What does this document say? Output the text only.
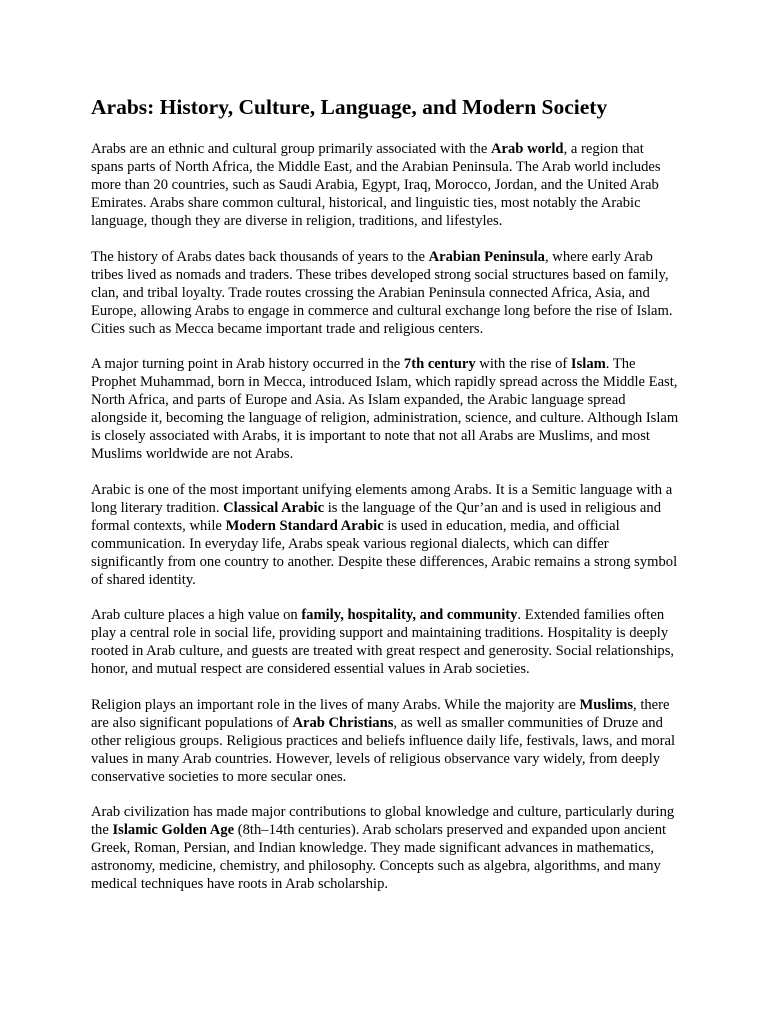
Arabs: History, Culture, Language, and Modern Society

Arabs are an ethnic and cultural group primarily associated with the Arab world, a region that spans parts of North Africa, the Middle East, and the Arabian Peninsula. The Arab world includes more than 20 countries, such as Saudi Arabia, Egypt, Iraq, Morocco, Jordan, and the United Arab Emirates. Arabs share common cultural, historical, and linguistic ties, most notably the Arabic language, though they are diverse in religion, traditions, and lifestyles.

The history of Arabs dates back thousands of years to the Arabian Peninsula, where early Arab tribes lived as nomads and traders. These tribes developed strong social structures based on family, clan, and tribal loyalty. Trade routes crossing the Arabian Peninsula connected Africa, Asia, and Europe, allowing Arabs to engage in commerce and cultural exchange long before the rise of Islam. Cities such as Mecca became important trade and religious centers.

A major turning point in Arab history occurred in the 7th century with the rise of Islam. The Prophet Muhammad, born in Mecca, introduced Islam, which rapidly spread across the Middle East, North Africa, and parts of Europe and Asia. As Islam expanded, the Arabic language spread alongside it, becoming the language of religion, administration, science, and culture. Although Islam is closely associated with Arabs, it is important to note that not all Arabs are Muslims, and most Muslims worldwide are not Arabs.

Arabic is one of the most important unifying elements among Arabs. It is a Semitic language with a long literary tradition. Classical Arabic is the language of the Qur’an and is used in religious and formal contexts, while Modern Standard Arabic is used in education, media, and official communication. In everyday life, Arabs speak various regional dialects, which can differ significantly from one country to another. Despite these differences, Arabic remains a strong symbol of shared identity.

Arab culture places a high value on family, hospitality, and community. Extended families often play a central role in social life, providing support and maintaining traditions. Hospitality is deeply rooted in Arab culture, and guests are treated with great respect and generosity. Social relationships, honor, and mutual respect are considered essential values in Arab societies.

Religion plays an important role in the lives of many Arabs. While the majority are Muslims, there are also significant populations of Arab Christians, as well as smaller communities of Druze and other religious groups. Religious practices and beliefs influence daily life, festivals, laws, and moral values in many Arab countries. However, levels of religious observance vary widely, from deeply conservative societies to more secular ones.

Arab civilization has made major contributions to global knowledge and culture, particularly during the Islamic Golden Age (8th–14th centuries). Arab scholars preserved and expanded upon ancient Greek, Roman, Persian, and Indian knowledge. They made significant advances in mathematics, astronomy, medicine, chemistry, and philosophy. Concepts such as algebra, algorithms, and many medical techniques have roots in Arab scholarship.
